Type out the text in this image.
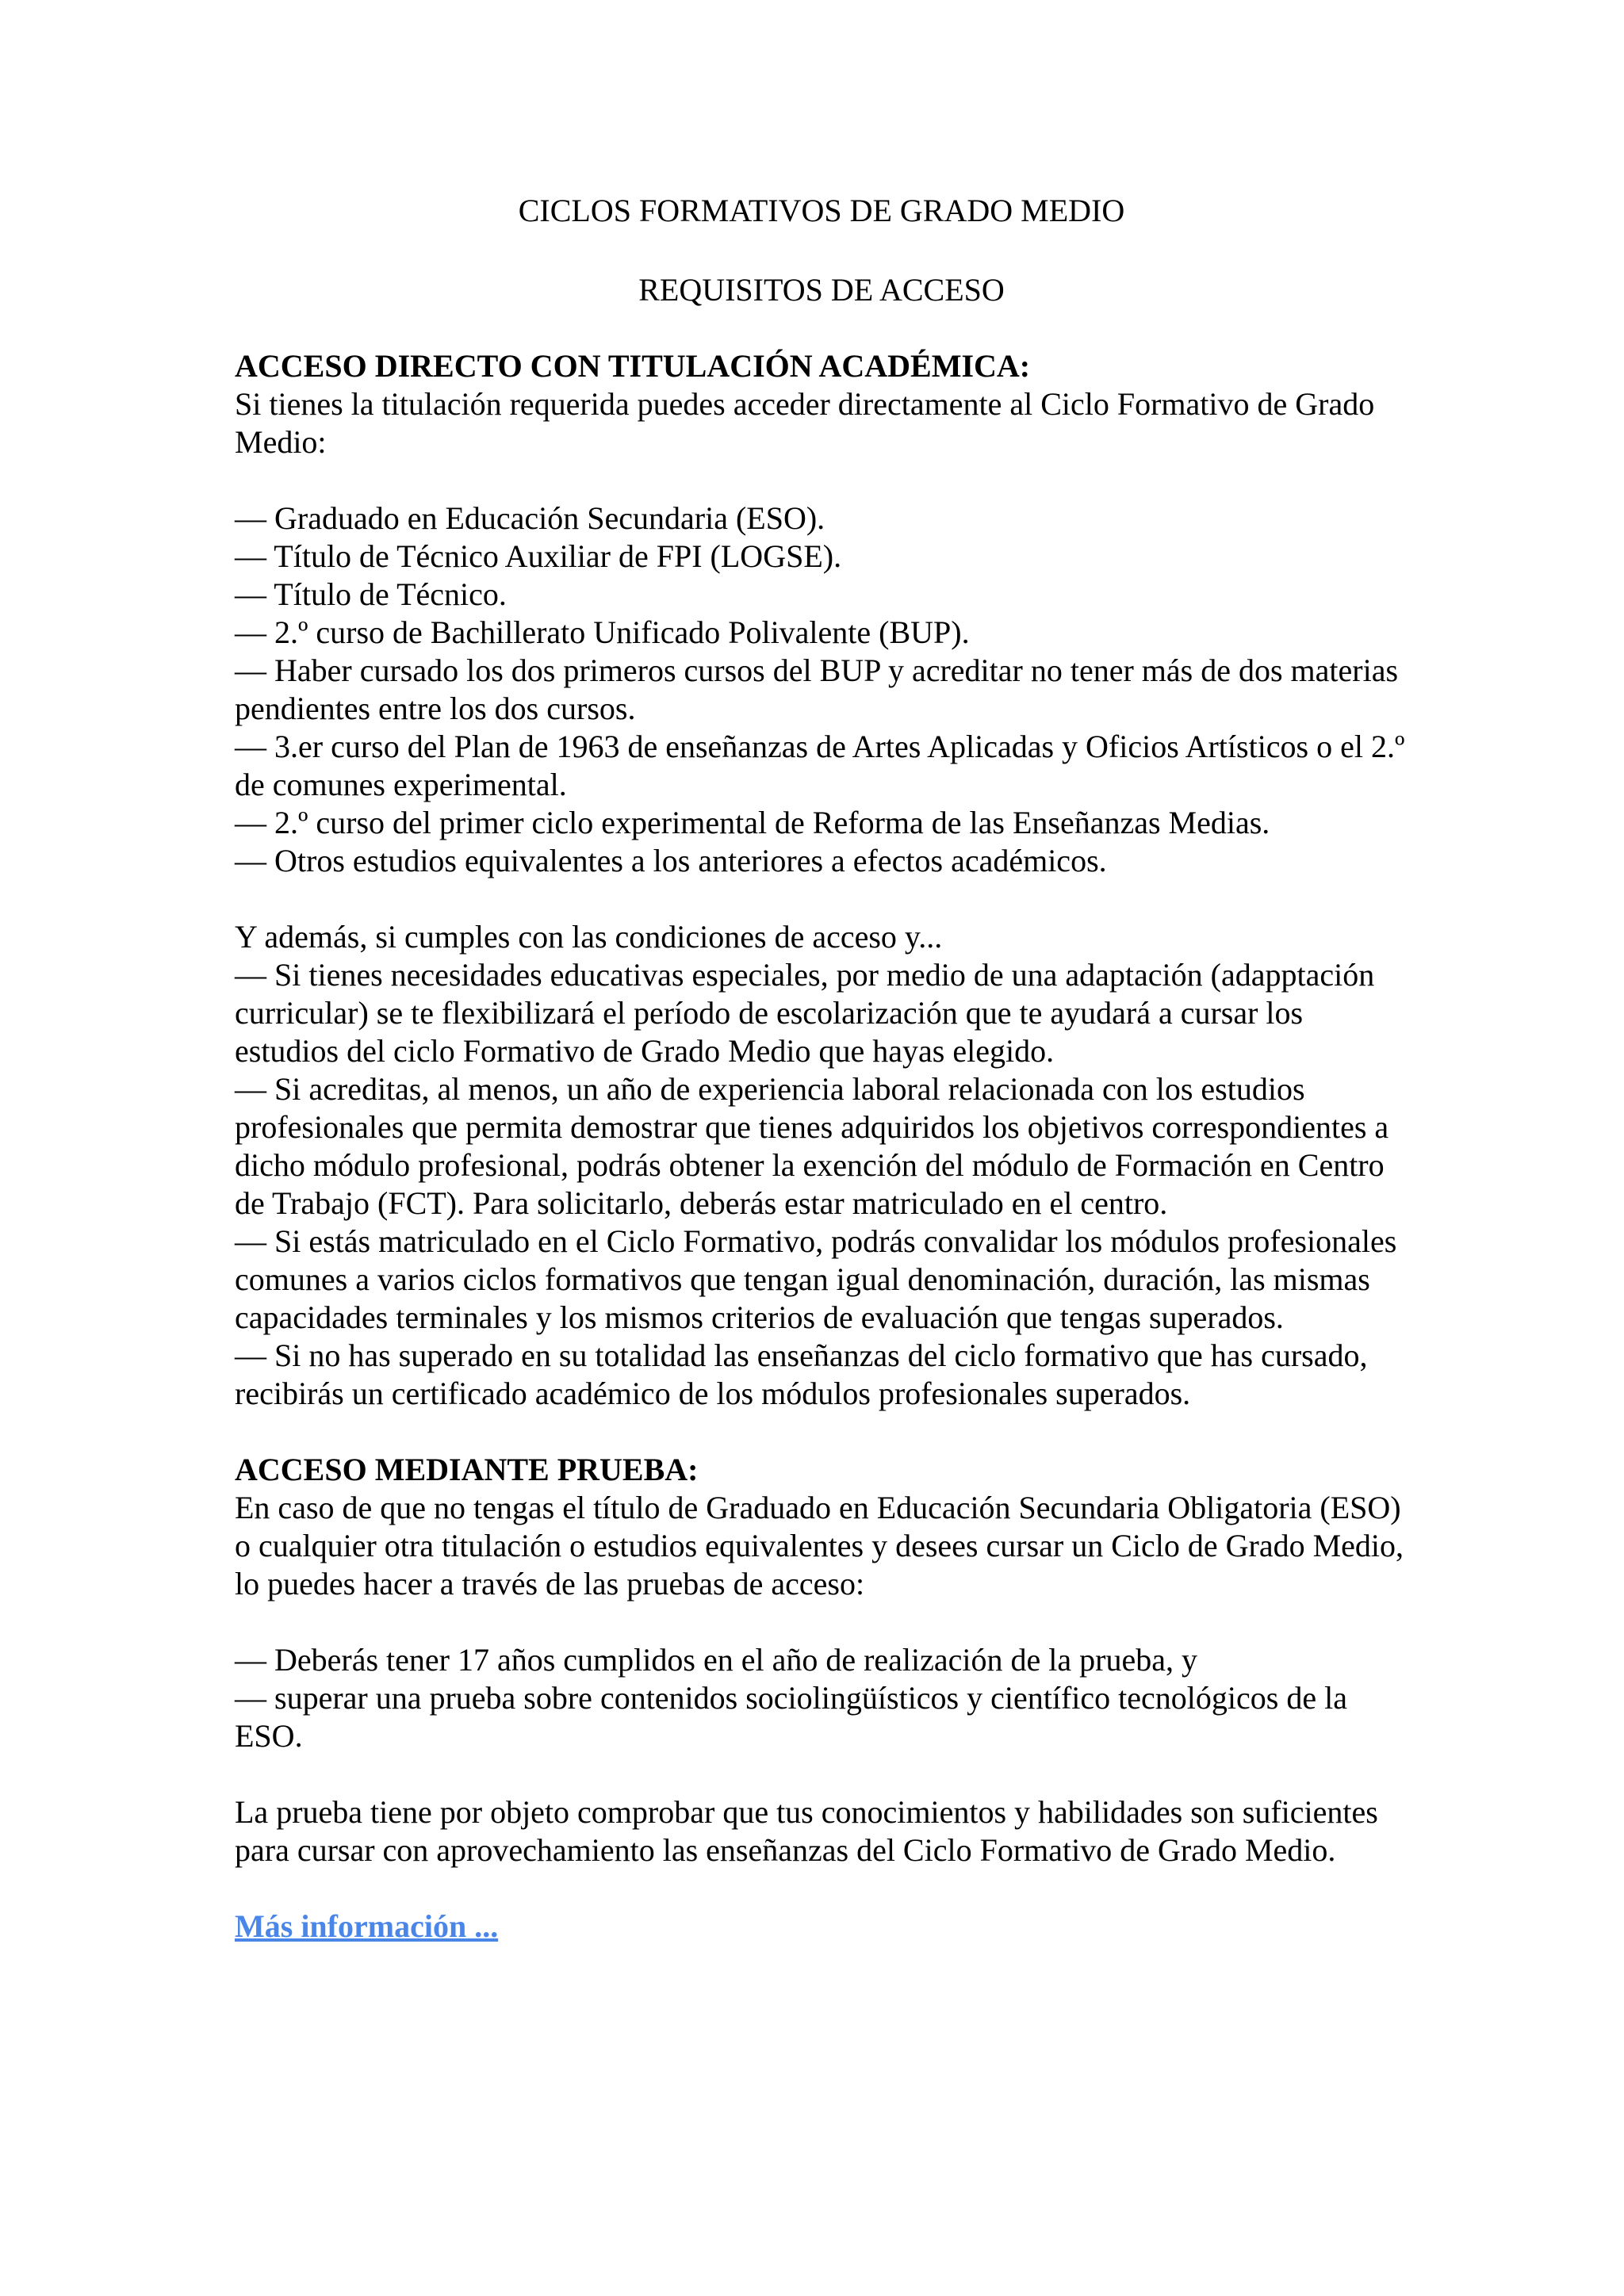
CICLOS FORMATIVOS DE GRADO MEDIO

REQUISITOS DE ACCESO

ACCESO DIRECTO CON TITULACIÓN ACADÉMICA:

Si tienes la titulación requerida puedes acceder directamente al Ciclo Formativo de Grado Medio:

— Graduado en Educación Secundaria (ESO).
— Título de Técnico Auxiliar de FPI (LOGSE).
— Título de Técnico.
— 2.º curso de Bachillerato Unificado Polivalente (BUP).
— Haber cursado los dos primeros cursos del BUP y acreditar no tener más de dos materias pendientes entre los dos cursos.
— 3.er curso del Plan de 1963 de enseñanzas de Artes Aplicadas y Oficios Artísticos o el 2.º de comunes experimental.
— 2.º curso del primer ciclo experimental de Reforma de las Enseñanzas Medias.
— Otros estudios equivalentes a los anteriores a efectos académicos.

Y además, si cumples con las condiciones de acceso y...

— Si tienes necesidades educativas especiales, por medio de una adaptación (adapptación curricular) se te flexibilizará el período de escolarización que te ayudará a cursar los estudios del ciclo Formativo de Grado Medio que hayas elegido.
— Si acreditas, al menos, un año de experiencia laboral relacionada con los estudios profesionales que permita demostrar que tienes adquiridos los objetivos correspondientes a dicho módulo profesional, podrás obtener la exención del módulo de Formación en Centro de Trabajo (FCT). Para solicitarlo, deberás estar matriculado en el centro.
— Si estás matriculado en el Ciclo Formativo, podrás convalidar los módulos profesionales comunes a varios ciclos formativos que tengan igual denominación, duración, las mismas capacidades terminales y los mismos criterios de evaluación que tengas superados.
— Si no has superado en su totalidad las enseñanzas del ciclo formativo que has cursado, recibirás un certificado académico de los módulos profesionales superados.

ACCESO MEDIANTE PRUEBA:

En caso de que no tengas el título de Graduado en Educación Secundaria Obligatoria (ESO) o cualquier otra titulación o estudios equivalentes y desees cursar un Ciclo de Grado Medio, lo puedes hacer a través de las pruebas de acceso:

— Deberás tener 17 años cumplidos en el año de realización de la prueba, y
— superar una prueba sobre contenidos sociolingüísticos y científico tecnológicos de la ESO.

La prueba tiene por objeto comprobar que tus conocimientos y habilidades son suficientes para cursar con aprovechamiento las enseñanzas del Ciclo Formativo de Grado Medio.

Más información ...
